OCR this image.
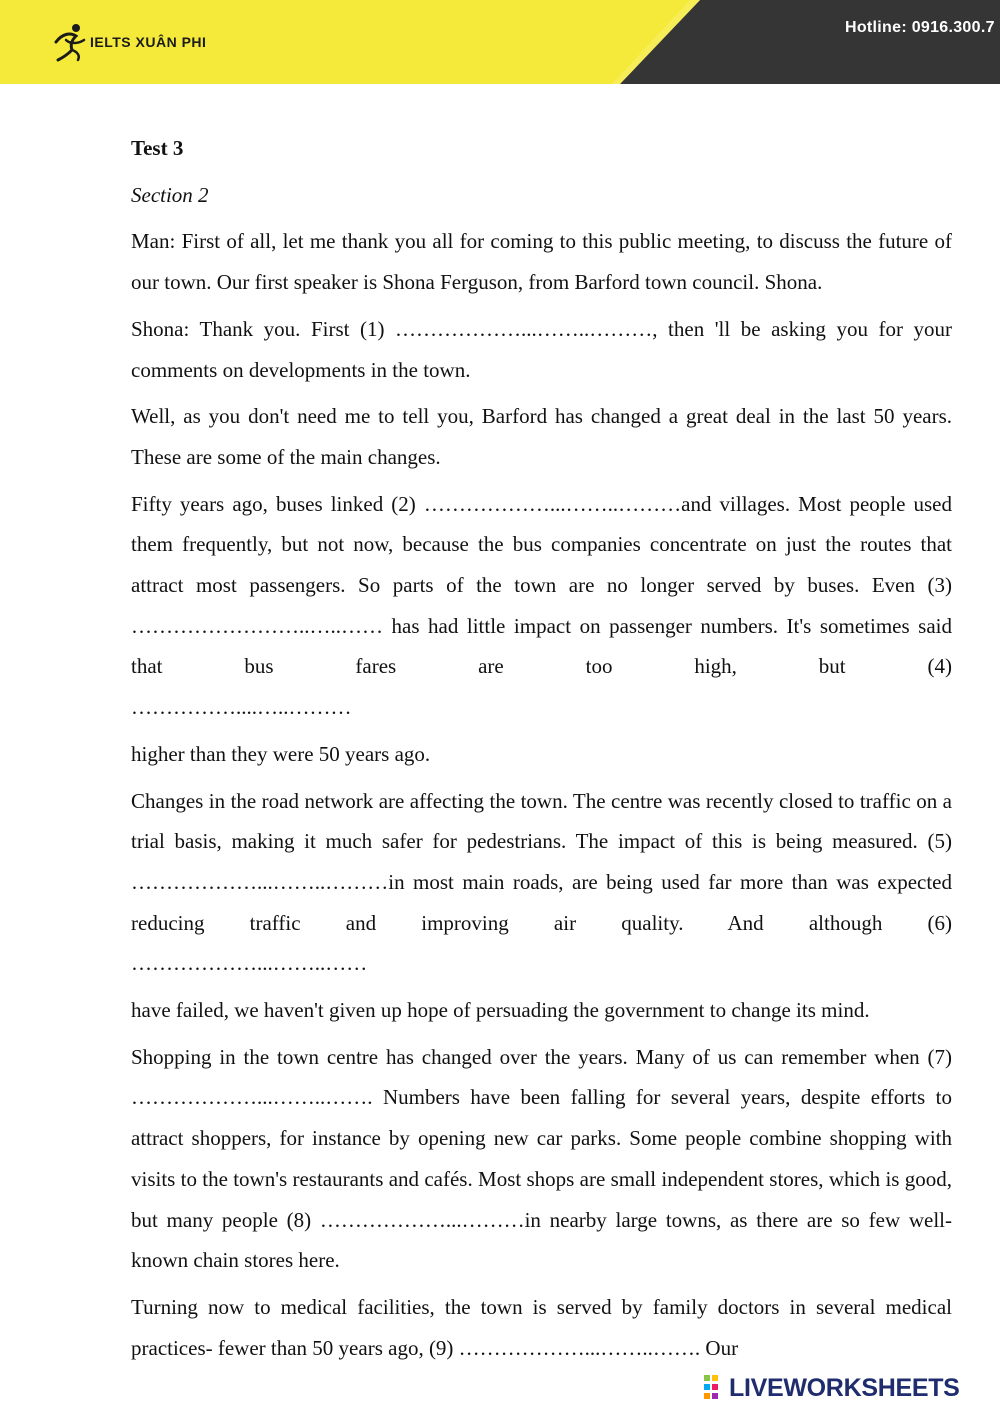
IELTS XUÂN PHI
Hotline: 0916.300.7

Test 3

Section 2

Man: First of all, let me thank you all for coming to this public meeting, to discuss the future of our town. Our first speaker is Shona Ferguson, from Barford town council. Shona.

Shona: Thank you. First (1) ………………...……..………, then 'll be asking you for your comments on developments in the town.

Well, as you don't need me to tell you, Barford has changed a great deal in the last 50 years. These are some of the main changes.

Fifty years ago, buses linked (2) ………………...……..………and villages. Most people used them frequently, but not now, because the bus companies concentrate on just the routes that attract most passengers. So parts of the town are no longer served by buses. Even (3) ……………………..…..…… has had little impact on passenger numbers. It's sometimes said that bus fares are too high, but (4)

……………....…..………

higher than they were 50 years ago.

Changes in the road network are affecting the town. The centre was recently closed to traffic on a trial basis, making it much safer for pedestrians. The impact of this is being measured. (5) ………………...……..………in most main roads, are being used far more than was expected reducing traffic and improving air quality. And although (6)

………………...……..……

have failed, we haven't given up hope of persuading the government to change its mind.

Shopping in the town centre has changed over the years. Many of us can remember when (7) ………………...……..……. Numbers have been falling for several years, despite efforts to attract shoppers, for instance by opening new car parks. Some people combine shopping with visits to the town's restaurants and cafés. Most shops are small independent stores, which is good, but many people (8) ………………...………in nearby large towns, as there are so few well-known chain stores here.

Turning now to medical facilities, the town is served by family doctors in several medical practices- fewer than 50 years ago, (9) ………………...……..……. Our

LIVEWORKSHEETS
